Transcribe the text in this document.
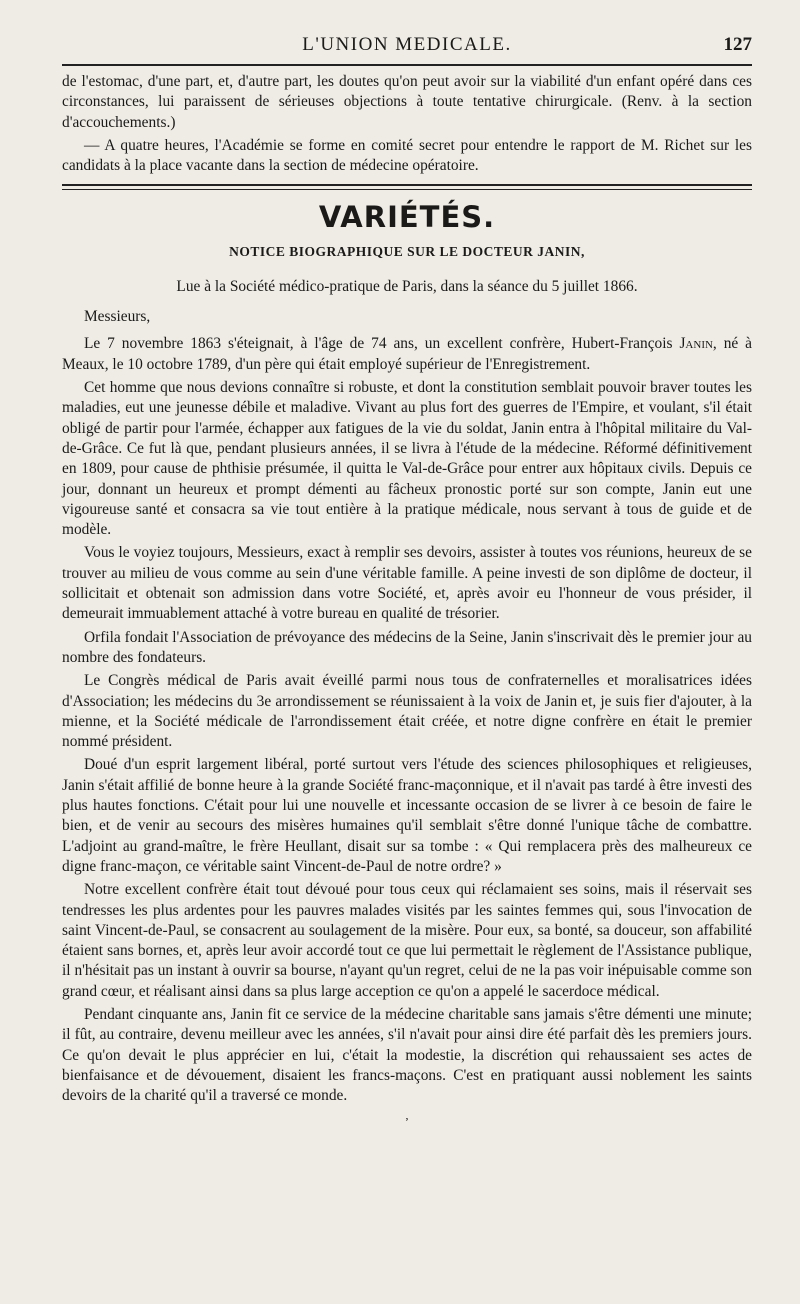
L'UNION MEDICALE.	127

de l'estomac, d'une part, et, d'autre part, les doutes qu'on peut avoir sur la viabilité d'un enfant opéré dans ces circonstances, lui paraissent de sérieuses objections à toute tentative chirurgicale. (Renv. à la section d'accouchements.)

— A quatre heures, l'Académie se forme en comité secret pour entendre le rapport de M. Richet sur les candidats à la place vacante dans la section de médecine opératoire.

VARIÉTÉS.
NOTICE BIOGRAPHIQUE SUR LE DOCTEUR JANIN,
Lue à la Société médico-pratique de Paris, dans la séance du 5 juillet 1866.
Messieurs,

Le 7 novembre 1863 s'éteignait, à l'âge de 74 ans, un excellent confrère, Hubert-François Janin, né à Meaux, le 10 octobre 1789, d'un père qui était employé supérieur de l'Enregistrement.

Cet homme que nous devions connaître si robuste, et dont la constitution semblait pouvoir braver toutes les maladies, eut une jeunesse débile et maladive. Vivant au plus fort des guerres de l'Empire, et voulant, s'il était obligé de partir pour l'armée, échapper aux fatigues de la vie du soldat, Janin entra à l'hôpital militaire du Val-de-Grâce. Ce fut là que, pendant plusieurs années, il se livra à l'étude de la médecine. Réformé définitivement en 1809, pour cause de phthisie présumée, il quitta le Val-de-Grâce pour entrer aux hôpitaux civils. Depuis ce jour, donnant un heureux et prompt démenti au fâcheux pronostic porté sur son compte, Janin eut une vigoureuse santé et consacra sa vie tout entière à la pratique médicale, nous servant à tous de guide et de modèle.

Vous le voyiez toujours, Messieurs, exact à remplir ses devoirs, assister à toutes vos réunions, heureux de se trouver au milieu de vous comme au sein d'une véritable famille. A peine investi de son diplôme de docteur, il sollicitait et obtenait son admission dans votre Société, et, après avoir eu l'honneur de vous présider, il demeurait immuablement attaché à votre bureau en qualité de trésorier.

Orfila fondait l'Association de prévoyance des médecins de la Seine, Janin s'inscrivait dès le premier jour au nombre des fondateurs.

Le Congrès médical de Paris avait éveillé parmi nous tous de confraternelles et moralisatrices idées d'Association; les médecins du 3e arrondissement se réunissaient à la voix de Janin et, je suis fier d'ajouter, à la mienne, et la Société médicale de l'arrondissement était créée, et notre digne confrère en était le premier nommé président.

Doué d'un esprit largement libéral, porté surtout vers l'étude des sciences philosophiques et religieuses, Janin s'était affilié de bonne heure à la grande Société franc-maçonnique, et il n'avait pas tardé à être investi des plus hautes fonctions. C'était pour lui une nouvelle et incessante occasion de se livrer à ce besoin de faire le bien, et de venir au secours des misères humaines qu'il semblait s'être donné l'unique tâche de combattre. L'adjoint au grand-maître, le frère Heullant, disait sur sa tombe : « Qui remplacera près des malheureux ce digne franc-maçon, ce véritable saint Vincent-de-Paul de notre ordre? »

Notre excellent confrère était tout dévoué pour tous ceux qui réclamaient ses soins, mais il réservait ses tendresses les plus ardentes pour les pauvres malades visités par les saintes femmes qui, sous l'invocation de saint Vincent-de-Paul, se consacrent au soulagement de la misère. Pour eux, sa bonté, sa douceur, son affabilité étaient sans bornes, et, après leur avoir accordé tout ce que lui permettait le règlement de l'Assistance publique, il n'hésitait pas un instant à ouvrir sa bourse, n'ayant qu'un regret, celui de ne la pas voir inépuisable comme son grand cœur, et réalisant ainsi dans sa plus large acception ce qu'on a appelé le sacerdoce médical.

Pendant cinquante ans, Janin fit ce service de la médecine charitable sans jamais s'être démenti une minute; il fût, au contraire, devenu meilleur avec les années, s'il n'avait pour ainsi dire été parfait dès les premiers jours. Ce qu'on devait le plus apprécier en lui, c'était la modestie, la discrétion qui rehaussaient ses actes de bienfaisance et de dévouement, disaient les francs-maçons. C'est en pratiquant aussi noblement les saints devoirs de la charité qu'il a traversé ce monde.

,
